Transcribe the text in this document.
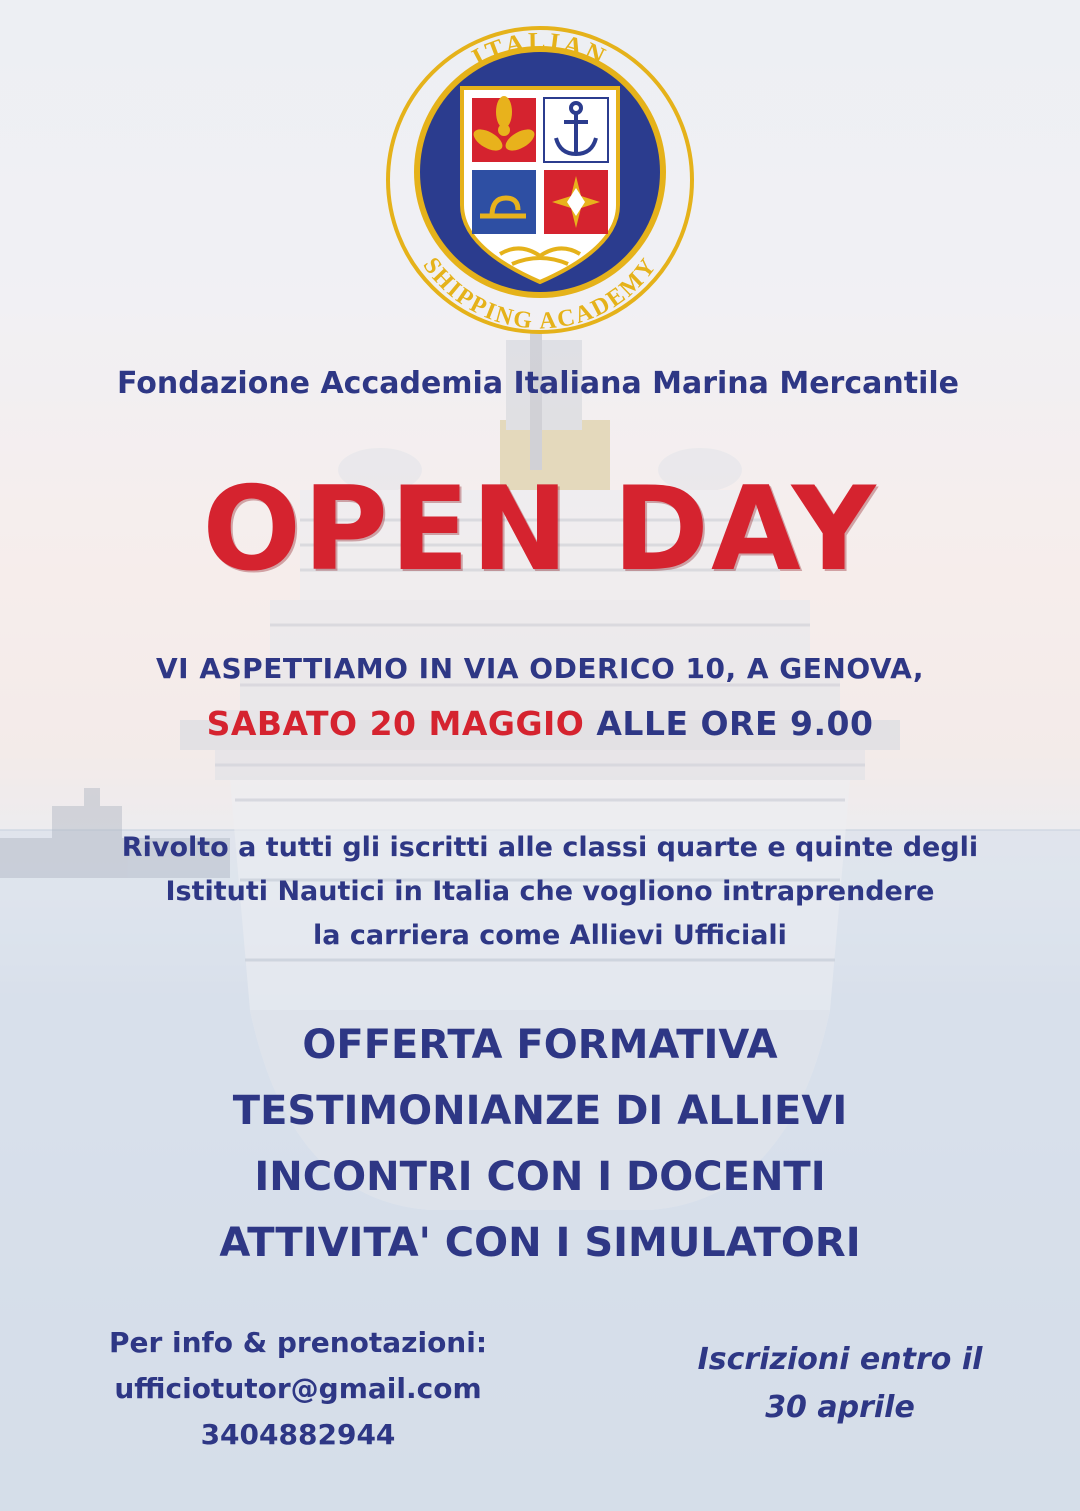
ITALIAN
SHIPPING ACADEMY

Fondazione Accademia Italiana Marina Mercantile

OPEN DAY

VI ASPETTIAMO IN VIA ODERICO 10, A GENOVA,

SABATO 20 MAGGIO ALLE ORE 9.00

Rivolto a tutti gli iscritti alle classi quarte e quinte degli
Istituti Nautici in Italia che vogliono intraprendere
la carriera come Allievi Ufficiali
OFFERTA FORMATIVA
TESTIMONIANZE DI ALLIEVI
INCONTRI CON I DOCENTI
ATTIVITA' CON I SIMULATORI
Per info & prenotazioni:
ufficiotutor@gmail.com
3404882944
Iscrizioni entro il
30 aprile
